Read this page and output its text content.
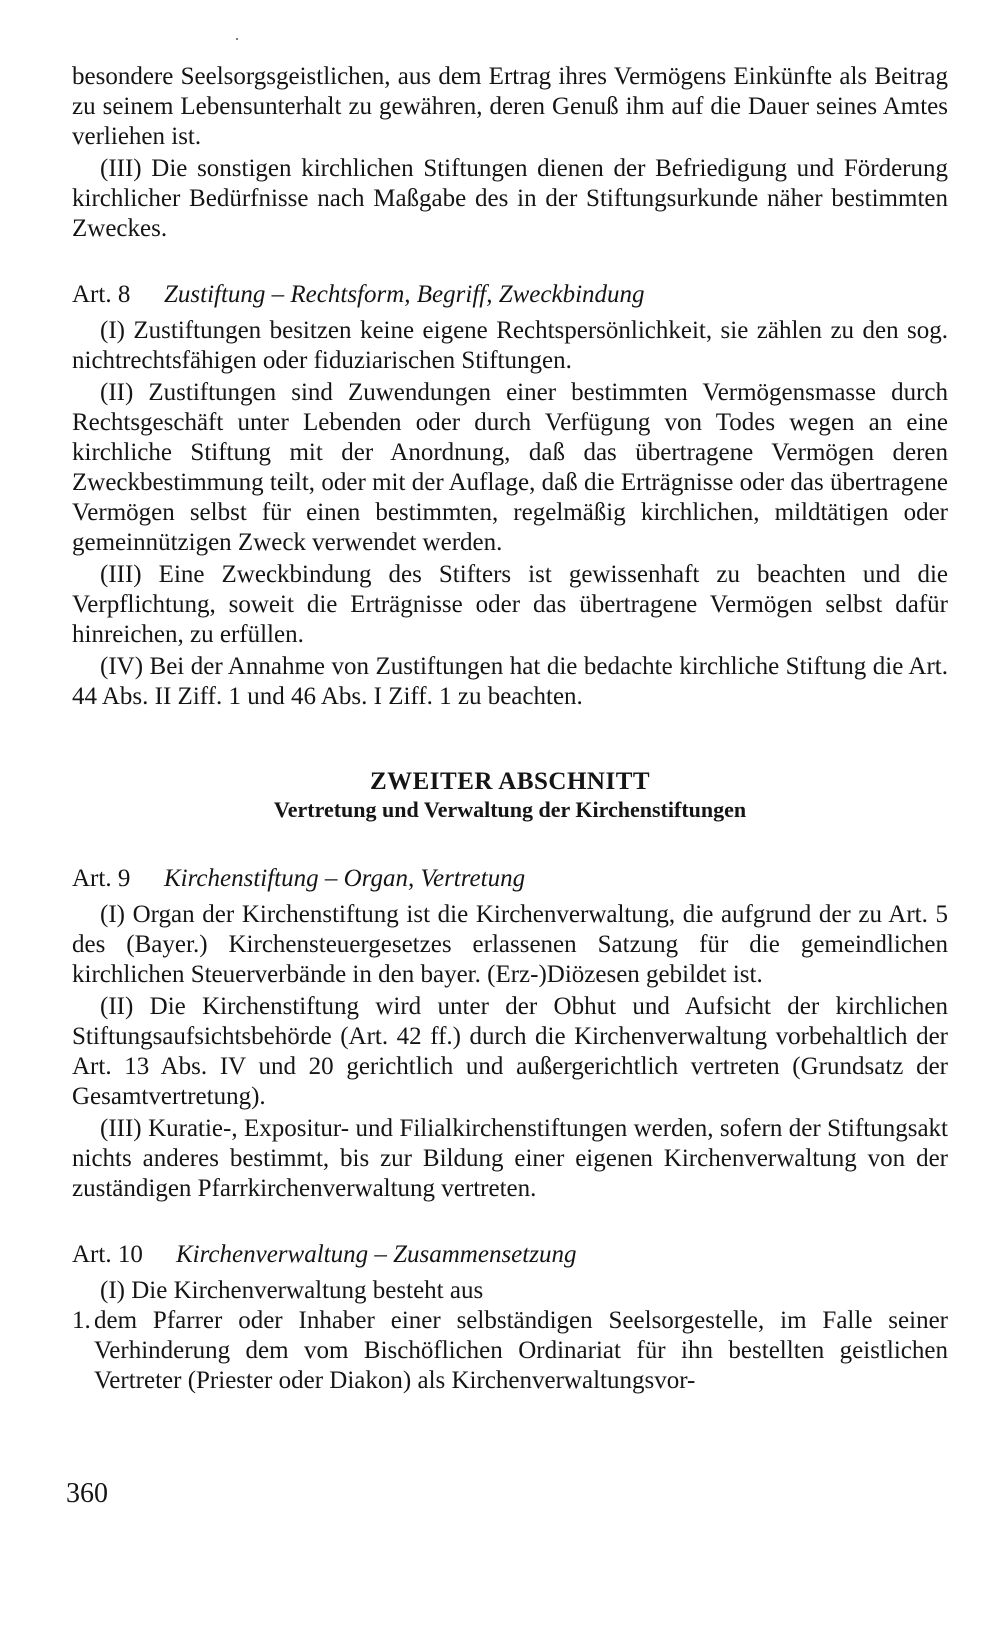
besondere Seelsorgsgeistlichen, aus dem Ertrag ihres Vermögens Einkünfte als Beitrag zu seinem Lebensunterhalt zu gewähren, deren Genuß ihm auf die Dauer seines Amtes verliehen ist.

(III) Die sonstigen kirchlichen Stiftungen dienen der Befriedigung und Förderung kirchlicher Bedürfnisse nach Maßgabe des in der Stiftungsurkunde näher bestimmten Zweckes.

Art. 8 Zustiftung – Rechtsform, Begriff, Zweckbindung

(I) Zustiftungen besitzen keine eigene Rechtspersönlichkeit, sie zählen zu den sog. nichtrechtsfähigen oder fiduziarischen Stiftungen.

(II) Zustiftungen sind Zuwendungen einer bestimmten Vermögensmasse durch Rechtsgeschäft unter Lebenden oder durch Verfügung von Todes wegen an eine kirchliche Stiftung mit der Anordnung, daß das übertragene Vermögen deren Zweckbestimmung teilt, oder mit der Auflage, daß die Erträgnisse oder das übertragene Vermögen selbst für einen bestimmten, regelmäßig kirchlichen, mildtätigen oder gemeinnützigen Zweck verwendet werden.

(III) Eine Zweckbindung des Stifters ist gewissenhaft zu beachten und die Verpflichtung, soweit die Erträgnisse oder das übertragene Vermögen selbst dafür hinreichen, zu erfüllen.

(IV) Bei der Annahme von Zustiftungen hat die bedachte kirchliche Stiftung die Art. 44 Abs. II Ziff. 1 und 46 Abs. I Ziff. 1 zu beachten.

ZWEITER ABSCHNITT
Vertretung und Verwaltung der Kirchenstiftungen
Art. 9 Kirchenstiftung – Organ, Vertretung

(I) Organ der Kirchenstiftung ist die Kirchenverwaltung, die aufgrund der zu Art. 5 des (Bayer.) Kirchensteuergesetzes erlassenen Satzung für die gemeindlichen kirchlichen Steuerverbände in den bayer. (Erz-)Diözesen gebildet ist.

(II) Die Kirchenstiftung wird unter der Obhut und Aufsicht der kirchlichen Stiftungsaufsichtsbehörde (Art. 42 ff.) durch die Kirchenverwaltung vorbehaltlich der Art. 13 Abs. IV und 20 gerichtlich und außergerichtlich vertreten (Grundsatz der Gesamtvertretung).

(III) Kuratie-, Expositur- und Filialkirchenstiftungen werden, sofern der Stiftungsakt nichts anderes bestimmt, bis zur Bildung einer eigenen Kirchenverwaltung von der zuständigen Pfarrkirchenverwaltung vertreten.

Art. 10 Kirchenverwaltung – Zusammensetzung

(I) Die Kirchenverwaltung besteht aus

1. dem Pfarrer oder Inhaber einer selbständigen Seelsorgestelle, im Falle seiner Verhinderung dem vom Bischöflichen Ordinariat für ihn bestellten geistlichen Vertreter (Priester oder Diakon) als Kirchenverwaltungsvor-
360
